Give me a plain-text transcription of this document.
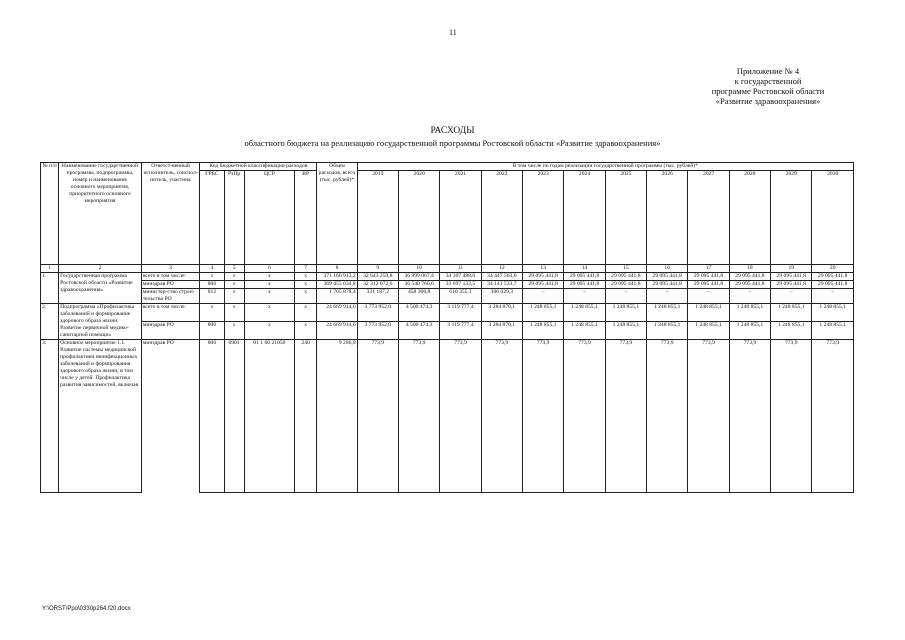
11
Приложение № 4
к государственной
программе Ростовской области
«Развитие здравоохранения»
РАСХОДЫ
областного бюджета на реализацию государственной программы Ростовской области «Развитие здравоохранения»
№ п/п	Наименование государственной программы, подпрограммы, номер и наименование основного мероприятия, приоритетного основного мероприятия	Ответст-венный исполнитель, соиспол-нитель, участник	Код бюджетной классификации расходов				Объем расходов, всего (тыс. рублей)*	В том числе по годам реализации государственной программы (тыс. рублей)*											
			ГРБС	РзПр	ЦСР	ВР		2019	2020	2021	2022	2023	2024	2025	2026	2027	2028	2029	2030
1	2	3	4	5	6	7	8	9	10	11	12	13	14	15	16	17	18	19	20
1.	Государственная программа Ростовской области «Развитие здравоохранения»	всего в том числе:	х	х	х	х	371 160 913,2	32 643 259,8	36 999 067,4	34 307 488,6	34 447 563,0	29 095 441,8	29 095 441,8	29 095 441,8	29 095 441,8	29 095 441,8	29 095 441,8	29 095 441,8	29 095 441,8
		минздрав РО	806	х	х	х	369 455 034,8	32 312 072,6	36 540 760,6	33 697 133,5	34 141 533,7	29 095 441,8	29 095 441,8	29 095 441,8	29 095 441,8	29 095 441,8	29 095 441,8	29 095 441,8	29 095 441,8
		министер-ство строи-тельства РО	812	х	х	х	1 705 878,4	331 187,2	458 306,8	610 355,1	306 029,3	–	–	–	–	–	–	–	–
2.	Подпрограмма «Профилактика заболеваний и формирование здорового образа жизни. Развитие первичной медико-санитарной помощи»	всего в том числе:	х	х	х	х	24 669 914,6	3 773 952,0	4 500 474,3	3 119 777,4	3 284 870,1	1 248 855,1	1 248 855,1	1 248 855,1	1 248 855,1	1 248 855,1	1 248 855,1	1 248 855,1	1 248 855,1
		минздрав РО	806	х	х	х	24 669 914,6	3 773 952,0	4 500 474,3	3 119 777,4	3 284 870,1	1 248 855,1	1 248 855,1	1 248 855,1	1 248 855,1	1 248 855,1	1 248 855,1	1 248 855,1	1 248 855,1
3.	Основное мероприятие 1.1. Развитие системы медицинской профилактики неинфекционных заболеваний и формирования здорового образа жизни, в том числе у детей. Профилактика развития зависимостей, включая	минздрав РО	806	0901	01 1 00 21050	240	9 286,8	773,9	773,9	773,9	773,9	773,9	773,9	773,9	773,9	773,9	773,9	773,9	773,9
Y:\ORST\Ppo\0330p264.f20.docx
